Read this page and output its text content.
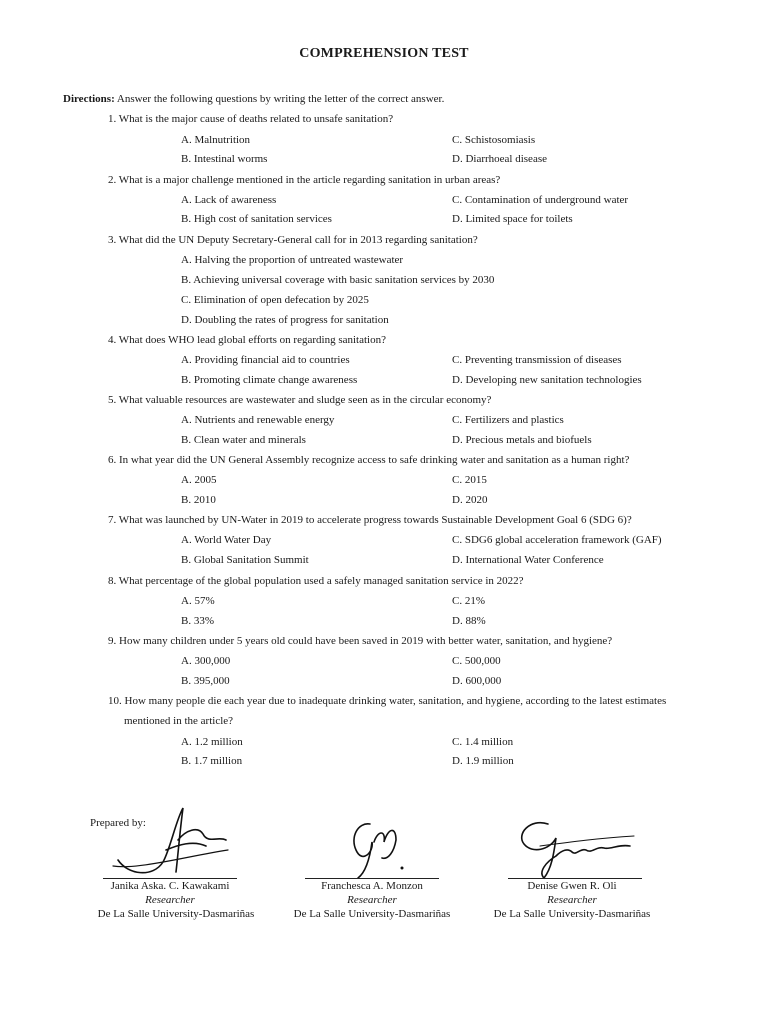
COMPREHENSION TEST
Directions: Answer the following questions by writing the letter of the correct answer.
1. What is the major cause of deaths related to unsafe sanitation?
A. Malnutrition	C. Schistosomiasis
B. Intestinal worms	D. Diarrhoeal disease
2. What is a major challenge mentioned in the article regarding sanitation in urban areas?
A. Lack of awareness	C. Contamination of underground water
B. High cost of sanitation services	D. Limited space for toilets
3. What did the UN Deputy Secretary-General call for in 2013 regarding sanitation?
A. Halving the proportion of untreated wastewater
B. Achieving universal coverage with basic sanitation services by 2030
C. Elimination of open defecation by 2025
D. Doubling the rates of progress for sanitation
4. What does WHO lead global efforts on regarding sanitation?
A. Providing financial aid to countries	C. Preventing transmission of diseases
B. Promoting climate change awareness	D. Developing new sanitation technologies
5. What valuable resources are wastewater and sludge seen as in the circular economy?
A. Nutrients and renewable energy	C. Fertilizers and plastics
B. Clean water and minerals	D. Precious metals and biofuels
6. In what year did the UN General Assembly recognize access to safe drinking water and sanitation as a human right?
A. 2005	C. 2015
B. 2010	D. 2020
7. What was launched by UN-Water in 2019 to accelerate progress towards Sustainable Development Goal 6 (SDG 6)?
A. World Water Day	C. SDG6 global acceleration framework (GAF)
B. Global Sanitation Summit	D. International Water Conference
8. What percentage of the global population used a safely managed sanitation service in 2022?
A. 57%	C. 21%
B. 33%	D. 88%
9. How many children under 5 years old could have been saved in 2019 with better water, sanitation, and hygiene?
A. 300,000	C. 500,000
B. 395,000	D. 600,000
10. How many people die each year due to inadequate drinking water, sanitation, and hygiene, according to the latest estimates
mentioned in the article?
A. 1.2 million	C. 1.4 million
B. 1.7 million	D. 1.9 million
Prepared by:
Janika Aska. C. Kawakami
Researcher
De La Salle University-Dasmariñas
Franchesca A. Monzon
Researcher
De La Salle University-Dasmariñas
Denise Gwen R. Oli
Researcher
De La Salle University-Dasmariñas
